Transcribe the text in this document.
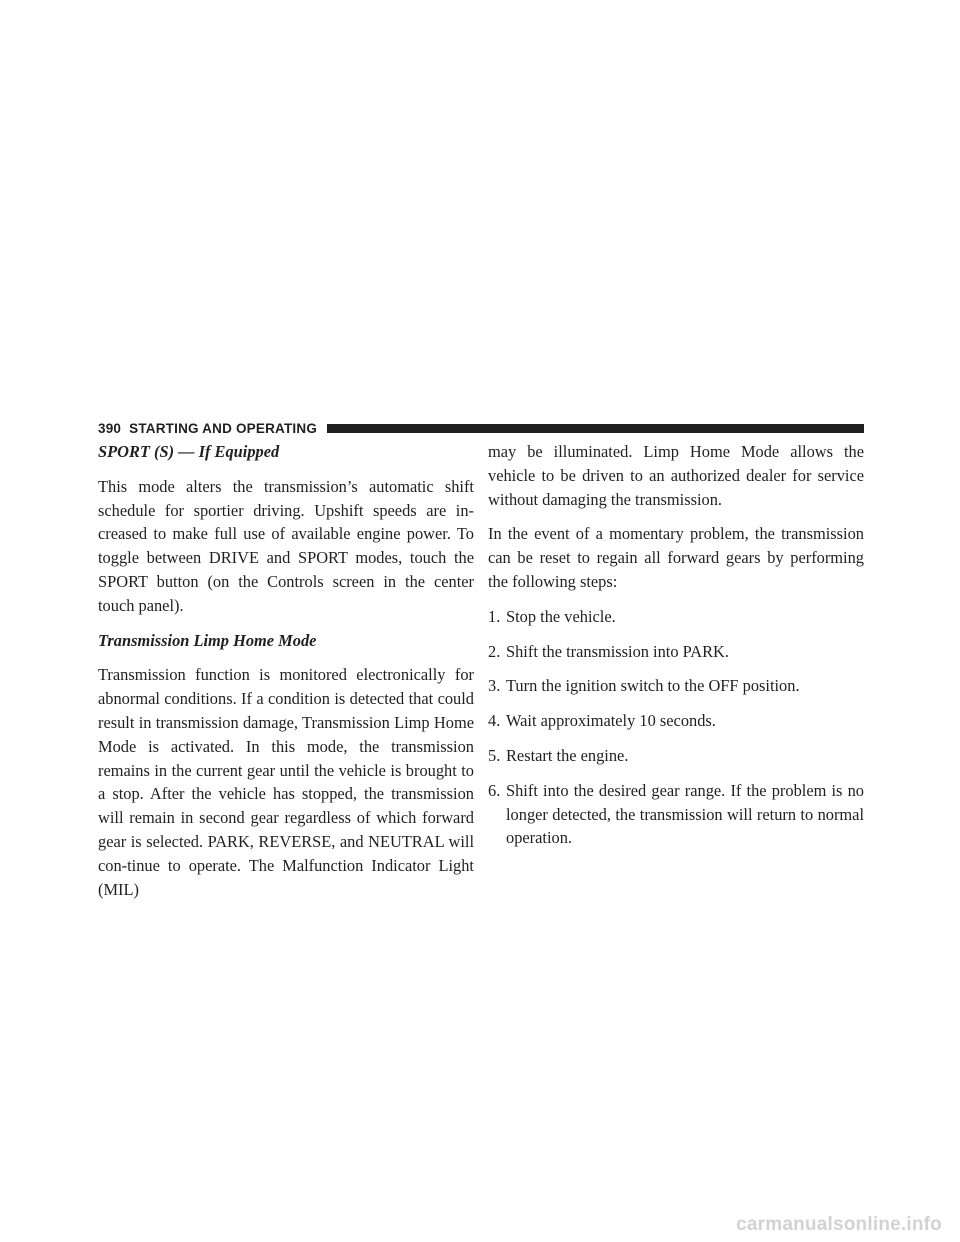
390 STARTING AND OPERATING
SPORT (S) — If Equipped

This mode alters the transmission’s automatic shift schedule for sportier driving. Upshift speeds are in-creased to make full use of available engine power. To toggle between DRIVE and SPORT modes, touch the SPORT button (on the Controls screen in the center touch panel).

Transmission Limp Home Mode

Transmission function is monitored electronically for abnormal conditions. If a condition is detected that could result in transmission damage, Transmission Limp Home Mode is activated. In this mode, the transmission remains in the current gear until the vehicle is brought to a stop. After the vehicle has stopped, the transmission will remain in second gear regardless of which forward gear is selected. PARK, REVERSE, and NEUTRAL will con-tinue to operate. The Malfunction Indicator Light (MIL)

may be illuminated. Limp Home Mode allows the vehicle to be driven to an authorized dealer for service without damaging the transmission.

In the event of a momentary problem, the transmission can be reset to regain all forward gears by performing the following steps:

1. Stop the vehicle.
2. Shift the transmission into PARK.
3. Turn the ignition switch to the OFF position.
4. Wait approximately 10 seconds.
5. Restart the engine.
6. Shift into the desired gear range. If the problem is no longer detected, the transmission will return to normal operation.
carmanualsonline.info
